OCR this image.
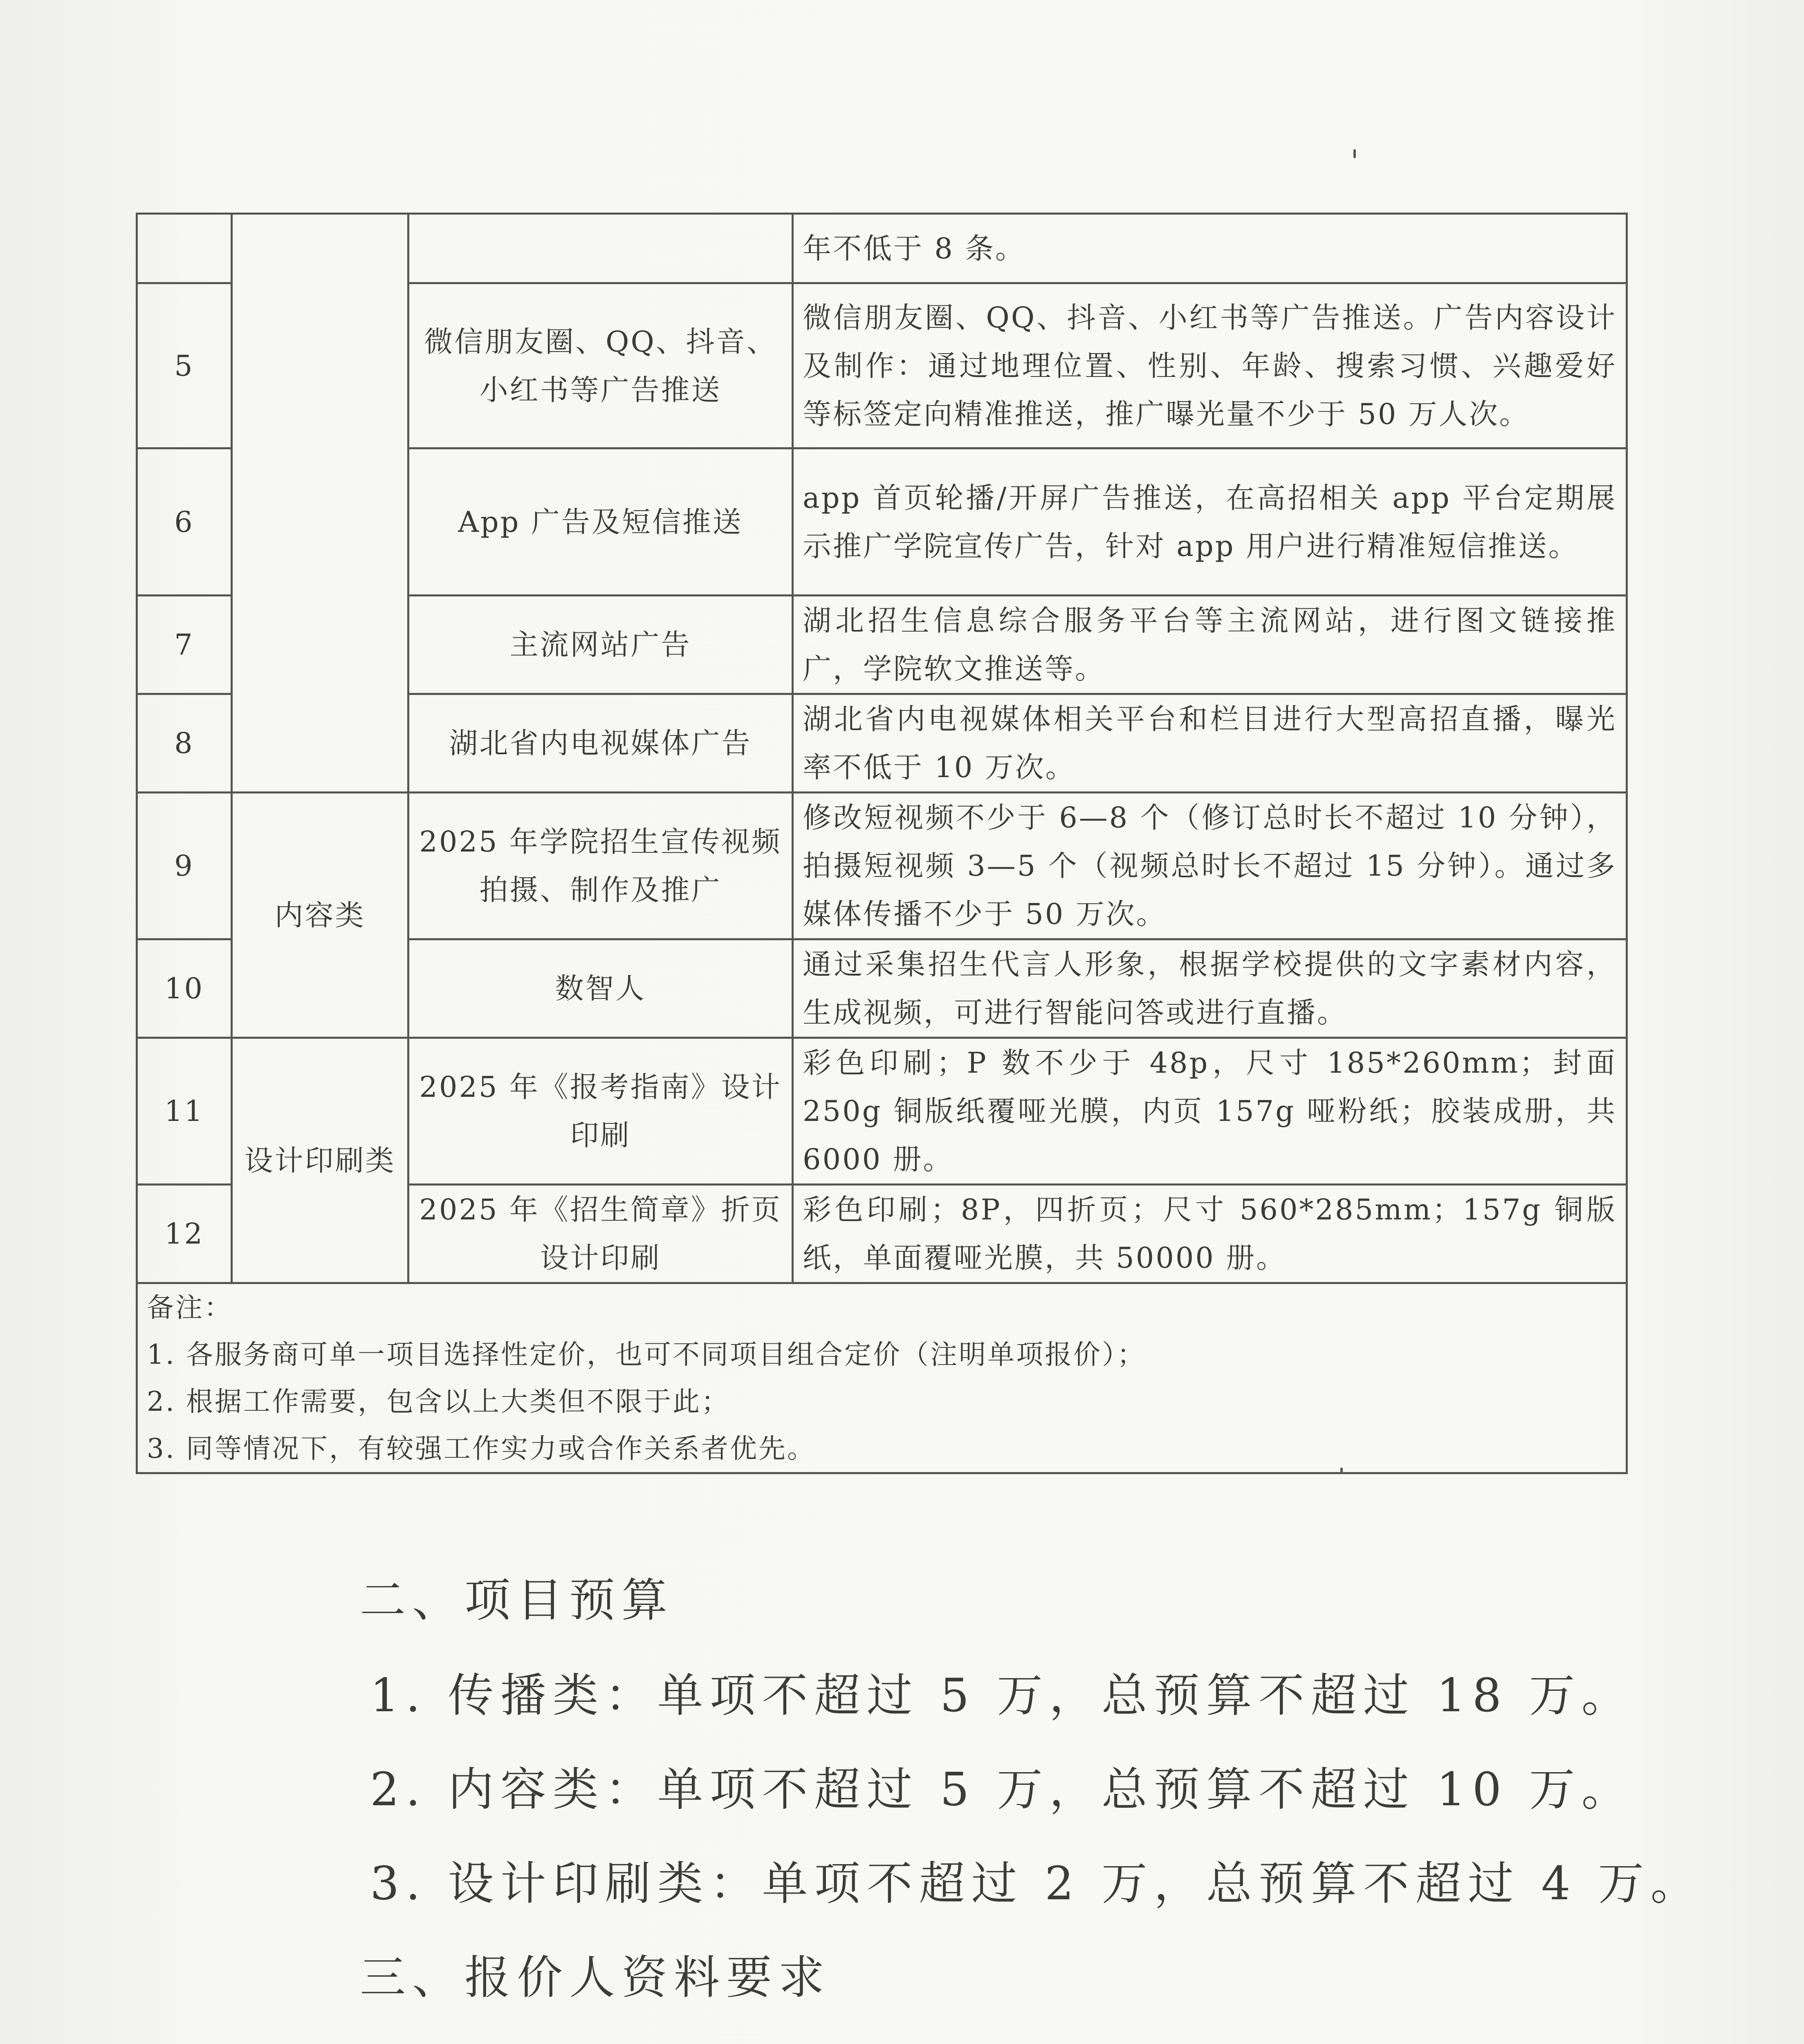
			年不低于 8 条。
5		微信朋友圈、QQ、抖音、小红书等广告推送	微信朋友圈、QQ、抖音、小红书等广告推送。广告内容设计及制作：通过地理位置、性别、年龄、搜索习惯、兴趣爱好等标签定向精准推送，推广曝光量不少于 50 万人次。
6		App 广告及短信推送	app 首页轮播/开屏广告推送，在高招相关 app 平台定期展示推广学院宣传广告，针对 app 用户进行精准短信推送。
7		主流网站广告	湖北招生信息综合服务平台等主流网站，进行图文链接推广，学院软文推送等。
8		湖北省内电视媒体广告	湖北省内电视媒体相关平台和栏目进行大型高招直播，曝光率不低于 10 万次。
9	内容类	2025 年学院招生宣传视频拍摄、制作及推广	修改短视频不少于 6—8 个（修订总时长不超过 10 分钟），拍摄短视频 3—5 个（视频总时长不超过 15 分钟）。通过多媒体传播不少于 50 万次。
10		数智人	通过采集招生代言人形象，根据学校提供的文字素材内容，生成视频，可进行智能问答或进行直播。
11	设计印刷类	2025 年《报考指南》设计印刷	彩色印刷；P 数不少于 48p，尺寸 185*260mm；封面 250g 铜版纸覆哑光膜，内页 157g 哑粉纸；胶装成册，共 6000 册。
12		2025 年《招生简章》折页设计印刷	彩色印刷；8P，四折页；尺寸 560*285mm；157g 铜版纸，单面覆哑光膜，共 50000 册。

备注：
1. 各服务商可单一项目选择性定价，也可不同项目组合定价（注明单项报价）；
2. 根据工作需要，包含以上大类但不限于此；
3. 同等情况下，有较强工作实力或合作关系者优先。			
二、项目预算
1. 传播类：单项不超过 5 万，总预算不超过 18 万。
2. 内容类：单项不超过 5 万，总预算不超过 10 万。
3. 设计印刷类：单项不超过 2 万，总预算不超过 4 万。
三、报价人资料要求
